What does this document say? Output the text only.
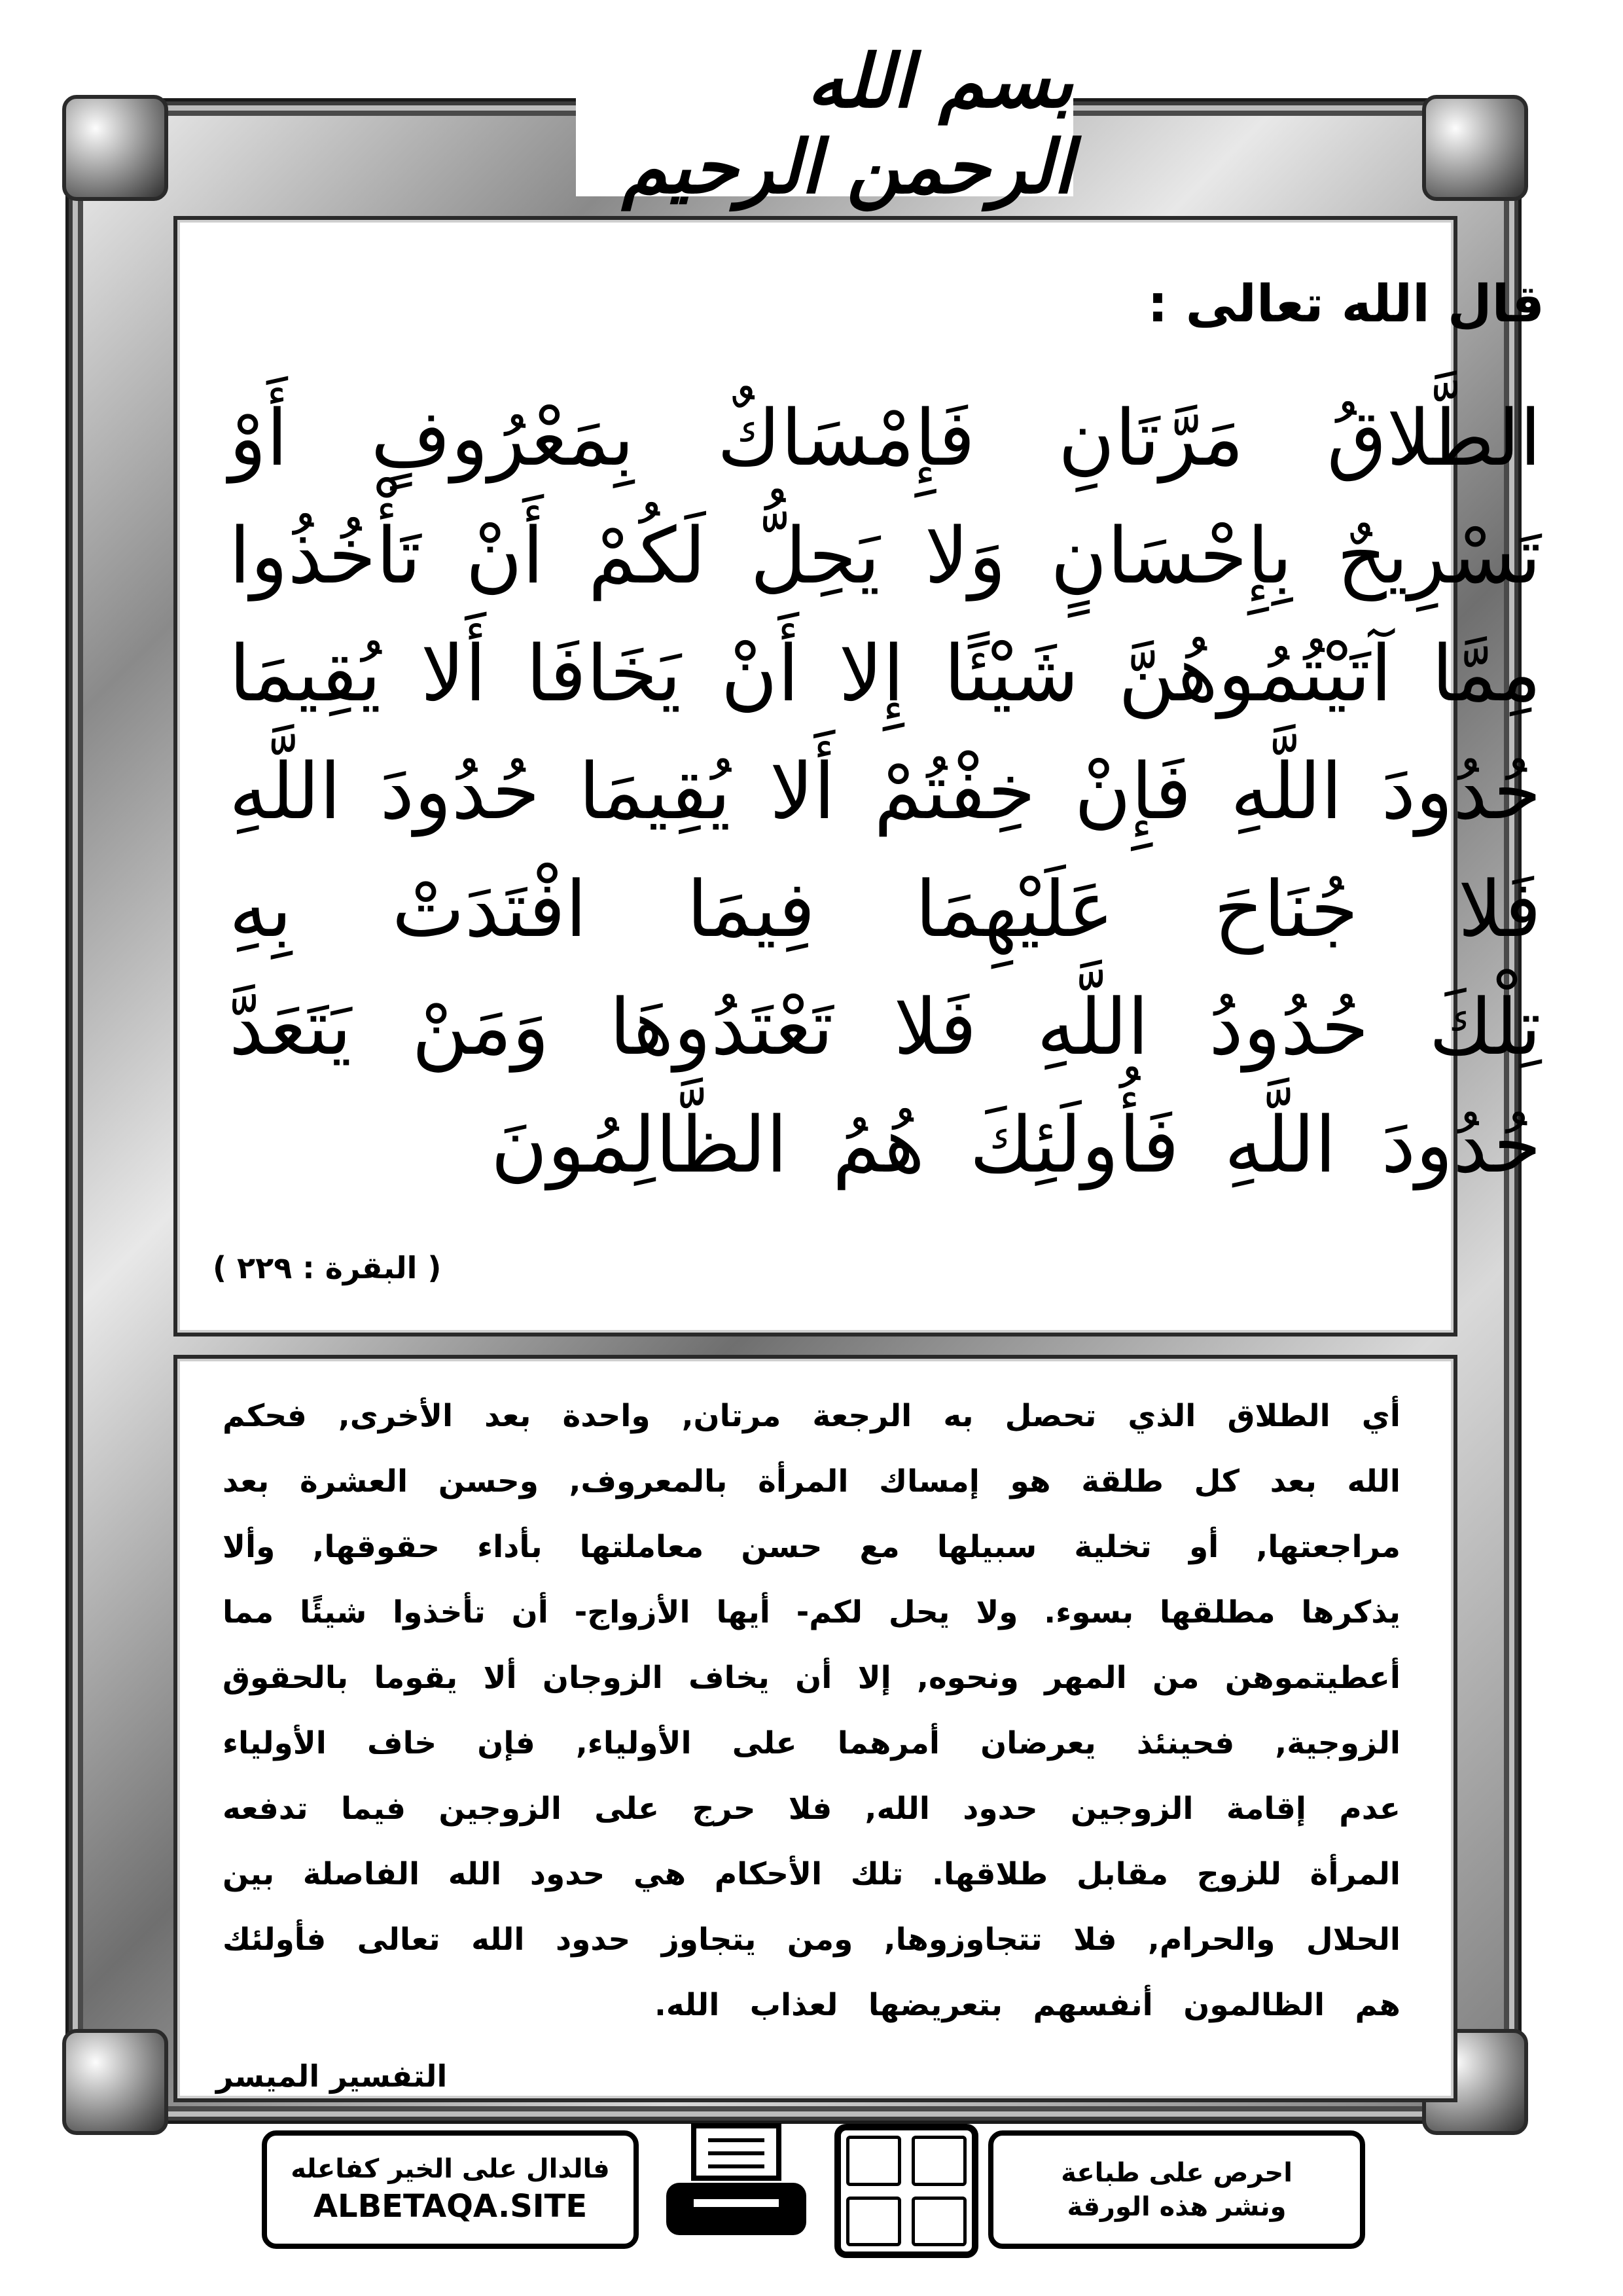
بسم الله الرحمن الرحيم
قال الله تعالى :
الطَّلاقُ مَرَّتَانِ فَإِمْسَاكٌ بِمَعْرُوفٍ أَوْ
تَسْرِيحٌ بِإِحْسَانٍ وَلا يَحِلُّ لَكُمْ أَنْ تَأْخُذُوا
مِمَّا آتَيْتُمُوهُنَّ شَيْئًا إِلا أَنْ يَخَافَا أَلا يُقِيمَا
حُدُودَ اللَّهِ فَإِنْ خِفْتُمْ أَلا يُقِيمَا حُدُودَ اللَّهِ
فَلا جُنَاحَ عَلَيْهِمَا فِيمَا افْتَدَتْ بِهِ
تِلْكَ حُدُودُ اللَّهِ فَلا تَعْتَدُوهَا وَمَنْ يَتَعَدَّ
حُدُودَ اللَّهِ فَأُولَئِكَ هُمُ الظَّالِمُونَ
( البقرة : ٢٢٩ )
أي الطلاق الذي تحصل به الرجعة مرتان, واحدة بعد الأخرى, فحكم
الله بعد كل طلقة هو إمساك المرأة بالمعروف, وحسن العشرة بعد
مراجعتها, أو تخلية سبيلها مع حسن معاملتها بأداء حقوقها, وألا
يذكرها مطلقها بسوء. ولا يحل لكم- أيها الأزواج- أن تأخذوا شيئًا مما
أعطيتموهن من المهر ونحوه, إلا أن يخاف الزوجان ألا يقوما بالحقوق
الزوجية, فحينئذ يعرضان أمرهما على الأولياء, فإن خاف الأولياء
عدم إقامة الزوجين حدود الله, فلا حرج على الزوجين فيما تدفعه
المرأة للزوج مقابل طلاقها. تلك الأحكام هي حدود الله الفاصلة بين
الحلال والحرام, فلا تتجاوزوها, ومن يتجاوز حدود الله تعالى فأولئك
هم الظالمون أنفسهم بتعريضها لعذاب الله.
التفسير الميسر
فالدال على الخير كفاعله
ALBETAQA.SITE
احرص على طباعة
ونشر هذه الورقة
